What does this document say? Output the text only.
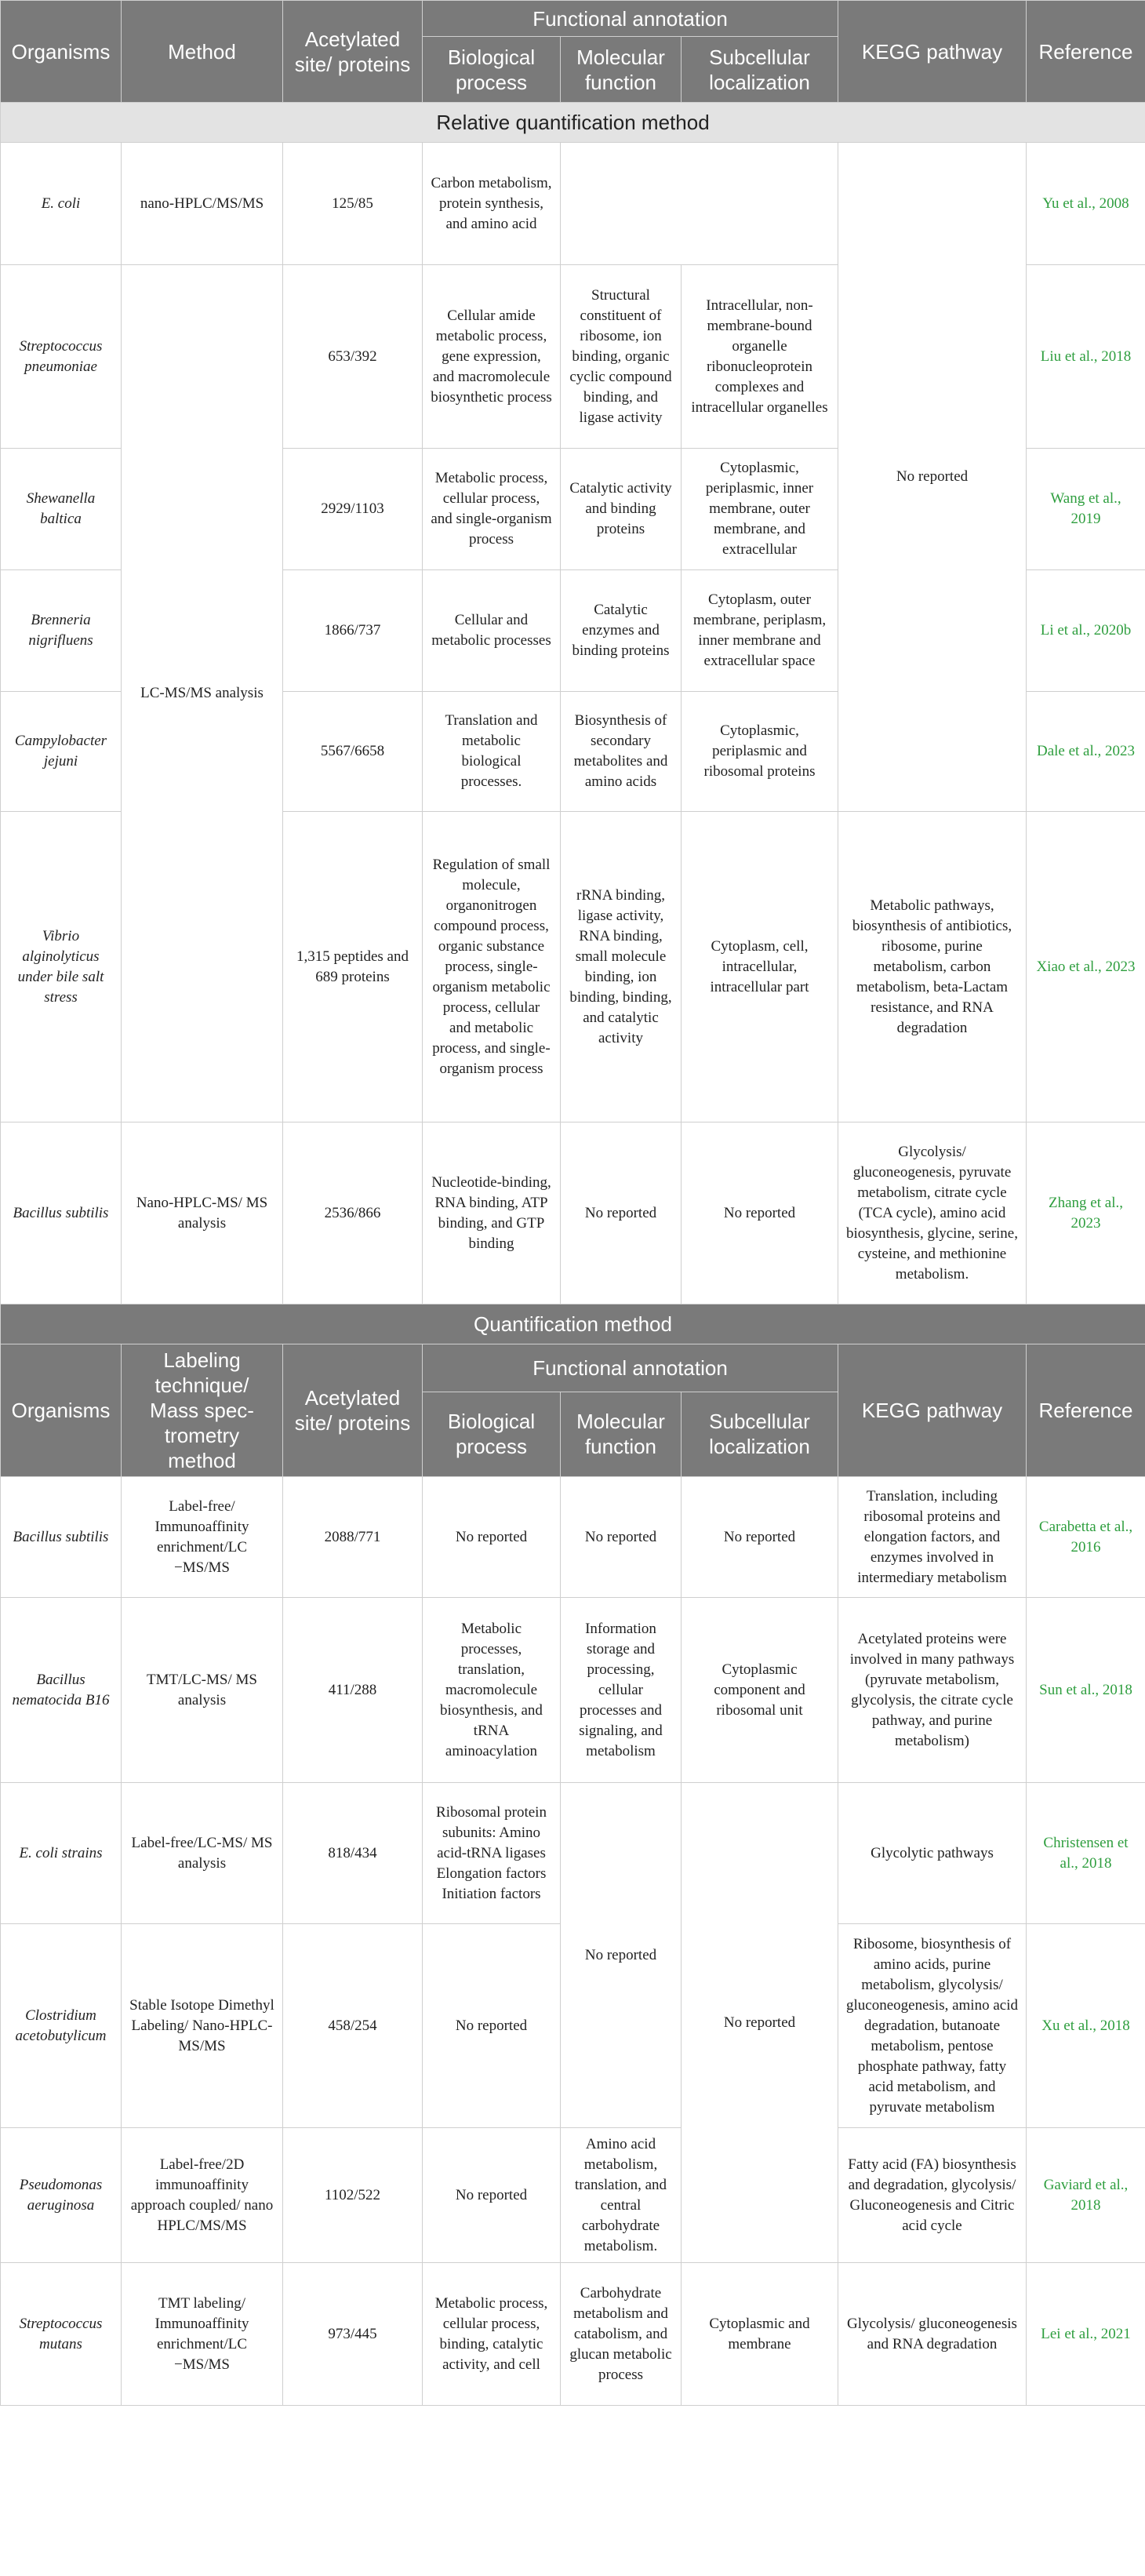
Organisms	Method	Acetylated site/ proteins	Functional annotation			KEGG pathway	Reference
			Biological process	Molecular function	Subcellular localization		
Relative quantification method							
E. coli	nano-HPLC/MS/MS	125/85	Carbon metabolism, protein synthesis, and amino acid			No reported	Yu et al., 2008
Streptococcus pneumoniae	LC-MS/MS analysis	653/392	Cellular amide metabolic process, gene expression, and macromolecule biosynthetic process	Structural constituent of ribosome, ion binding, organic cyclic compound binding, and ligase activity	Intracellular, non-membrane-bound organelle ribonucleoprotein complexes and intracellular organelles		Liu et al., 2018
Shewanella baltica		2929/1103	Metabolic process, cellular process, and single-organism process	Catalytic activity and binding proteins	Cytoplasmic, periplasmic, inner membrane, outer membrane, and extracellular		Wang et al., 2019
Brenneria nigrifluens		1866/737	Cellular and metabolic processes	Catalytic enzymes and binding proteins	Cytoplasm, outer membrane, periplasm, inner membrane and extracellular space		Li et al., 2020b
Campylobacter jejuni		5567/6658	Translation and metabolic biological processes.	Biosynthesis of secondary metabolites and amino acids	Cytoplasmic, periplasmic and ribosomal proteins		Dale et al., 2023
Vibrio alginolyticus under bile salt stress		1,315 peptides and 689 proteins	Regulation of small molecule, organonitrogen compound process, organic substance process, single-organism metabolic process, cellular and metabolic process, and single-organism process	rRNA binding, ligase activity, RNA binding, small molecule binding, ion binding, binding, and catalytic activity	Cytoplasm, cell, intracellular, intracellular part	Metabolic pathways, biosynthesis of antibiotics, ribosome, purine metabolism, carbon metabolism, beta-Lactam resistance, and RNA degradation	Xiao et al., 2023
Bacillus subtilis	Nano-HPLC-MS/ MS analysis	2536/866	Nucleotide-binding, RNA binding, ATP binding, and GTP binding	No reported	No reported	Glycolysis/ gluconeogenesis, pyruvate metabolism, citrate cycle (TCA cycle), amino acid biosynthesis, glycine, serine, cysteine, and methionine metabolism.	Zhang et al., 2023
Quantification method							
Organisms	Labeling technique/ Mass spec- trometry method	Acetylated site/ proteins	Functional annotation			KEGG pathway	Reference
			Biological process	Molecular function	Subcellular localization		
Bacillus subtilis	Label-free/ Immunoaffinity enrichment/LC −MS/MS	2088/771	No reported	No reported	No reported	Translation, including ribosomal proteins and elongation factors, and enzymes involved in intermediary metabolism	Carabetta et al., 2016
Bacillus nematocida B16	TMT/LC-MS/ MS analysis	411/288	Metabolic processes, translation, macromolecule biosynthesis, and tRNA aminoacylation	Information storage and processing, cellular processes and signaling, and metabolism	Cytoplasmic component and ribosomal unit	Acetylated proteins were involved in many pathways (pyruvate metabolism, glycolysis, the citrate cycle pathway, and purine metabolism)	Sun et al., 2018
E. coli strains	Label-free/LC-MS/ MS analysis	818/434	Ribosomal protein subunits: Amino acid-tRNA ligases Elongation factors Initiation factors	No reported	No reported	Glycolytic pathways	Christensen et al., 2018
Clostridium acetobutylicum	Stable Isotope Dimethyl Labeling/ Nano-HPLC-MS/MS	458/254	No reported			Ribosome, biosynthesis of amino acids, purine metabolism, glycolysis/ gluconeogenesis, amino acid degradation, butanoate metabolism, pentose phosphate pathway, fatty acid metabolism, and pyruvate metabolism	Xu et al., 2018
Pseudomonas aeruginosa	Label-free/2D immunoaffinity approach coupled/ nano HPLC/MS/MS	1102/522	No reported	Amino acid metabolism, translation, and central carbohydrate metabolism.		Fatty acid (FA) biosynthesis and degradation, glycolysis/ Gluconeogenesis and Citric acid cycle	Gaviard et al., 2018
Streptococcus mutans	TMT labeling/ Immunoaffinity enrichment/LC −MS/MS	973/445	Metabolic process, cellular process, binding, catalytic activity, and cell	Carbohydrate metabolism and catabolism, and glucan metabolic process	Cytoplasmic and membrane	Glycolysis/ gluconeogenesis and RNA degradation	Lei et al., 2021
